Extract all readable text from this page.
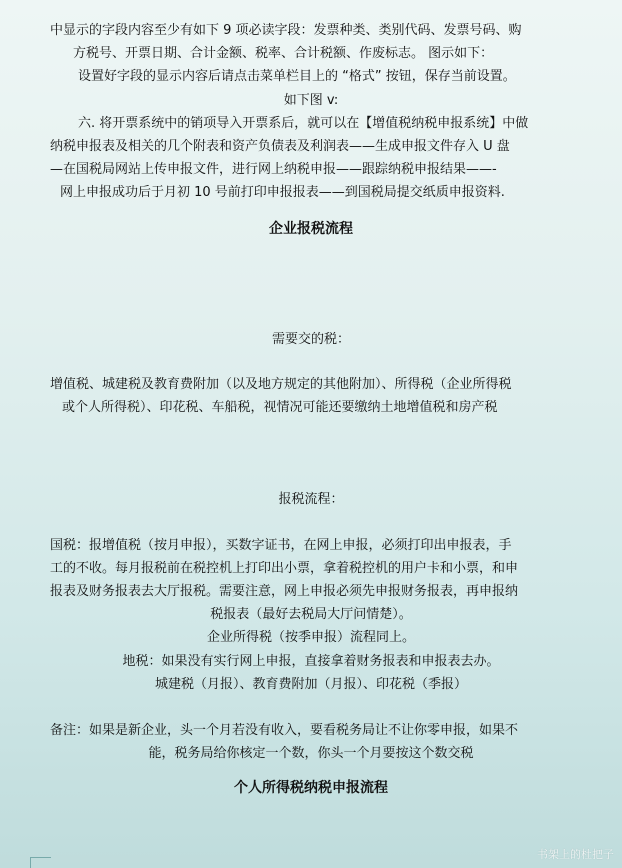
中显示的字段内容至少有如下 9 项必读字段：发票种类、类别代码、发票号码、购
方税号、开票日期、合计金额、税率、合计税额、作废标志。 图示如下：
设置好字段的显示内容后请点击菜单栏目上的 “格式” 按钮，保存当前设置。
如下图 v:
六. 将开票系统中的销项导入开票系后，就可以在【增值税纳税申报系统】中做
纳税申报表及相关的几个附表和资产负债表及利润表——生成申报文件存入 U 盘
—在国税局网站上传申报文件，进行网上纳税申报——跟踪纳税申报结果——-
网上申报成功后于月初 10 号前打印申报报表——到国税局提交纸质申报资料.
企业报税流程
需要交的税：
增值税、城建税及教育费附加（以及地方规定的其他附加）、所得税（企业所得税
或个人所得税）、印花税、车船税，视情况可能还要缴纳土地增值税和房产税
报税流程：
国税：报增值税（按月申报），买数字证书，在网上申报，必须打印出申报表，手
工的不收。每月报税前在税控机上打印出小票，拿着税控机的用户卡和小票，和申
报表及财务报表去大厅报税。需要注意，网上申报必须先申报财务报表，再申报纳
税报表（最好去税局大厅问情楚）。
企业所得税（按季申报）流程同上。
地税：如果没有实行网上申报，直接拿着财务报表和申报表去办。
城建税（月报）、教育费附加（月报）、印花税（季报）
备注：如果是新企业，头一个月若没有收入，要看税务局让不让你零申报，如果不
能，税务局给你核定一个数，你头一个月要按这个数交税
个人所得税纳税申报流程
书架上的杜把子
